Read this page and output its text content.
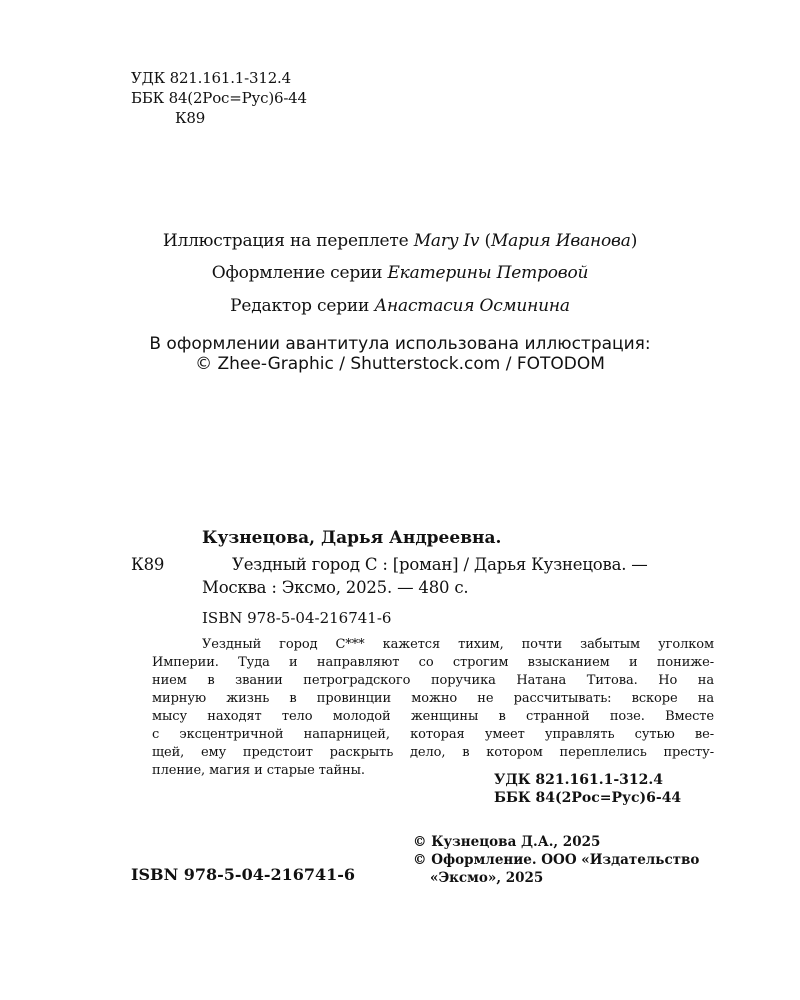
УДК 821.161.1-312.4
ББК 84(2Рос=Рус)6-44
К89
Иллюстрация на переплете Mary Iv (Мария Иванова)
Оформление серии Екатерины Петровой
Редактор серии Анастасия Осминина
В оформлении авантитула использована иллюстрация:
© Zhee-Graphic / Shutterstock.com / FOTODOM
Кузнецова, Дарья Андреевна.
К89	Уездный город С : [роман] / Дарья Кузнецова. —
Москва : Эксмо, 2025. — 480 с.
ISBN 978-5-04-216741-6
Уездный город С*** кажется тихим, почти забытым уголком
Империи. Туда и направляют со строгим взысканием и пониже-
нием в звании петроградского поручика Натана Титова. Но на
мирную жизнь в провинции можно не рассчитывать: вскоре на
мысу находят тело молодой женщины в странной позе. Вместе
с эксцентричной напарницей, которая умеет управлять сутью ве-
щей, ему предстоит раскрыть дело, в котором переплелись престу-
пление, магия и старые тайны.
УДК 821.161.1-312.4
ББК 84(2Рос=Рус)6-44
© Кузнецова Д.А., 2025
© Оформление. ООО «Издательство
«Эксмо», 2025
ISBN 978-5-04-216741-6
